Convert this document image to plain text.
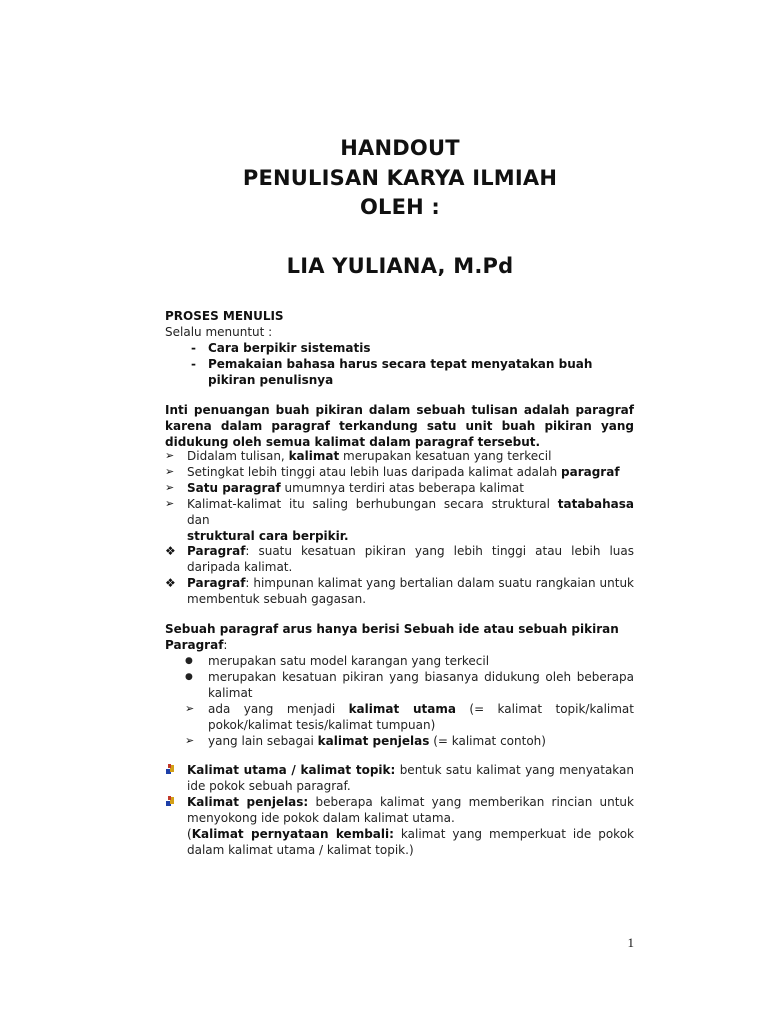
HANDOUT
PENULISAN KARYA ILMIAH
OLEH :
LIA YULIANA, M.Pd
PROSES MENULIS
Selalu menuntut :
-	Cara berpikir sistematis
-	Pemakaian bahasa harus secara tepat menyatakan buah pikiran penulisnya
Inti penuangan buah pikiran dalam sebuah tulisan adalah paragraf
karena dalam paragraf terkandung satu unit buah pikiran yang
didukung oleh semua kalimat dalam paragraf tersebut.
➢	Didalam tulisan, kalimat merupakan kesatuan yang terkecil
➢	Setingkat lebih tinggi atau lebih luas daripada kalimat adalah paragraf
➢	Satu paragraf umumnya terdiri atas beberapa kalimat
➢	Kalimat-kalimat itu saling berhubungan secara struktural tatabahasa dan
struktural cara berpikir.
❖ Paragraf: suatu kesatuan pikiran yang lebih tinggi atau lebih luas daripada kalimat.
❖ Paragraf: himpunan kalimat yang bertalian dalam suatu rangkaian untuk membentuk sebuah gagasan.
Sebuah paragraf arus hanya berisi Sebuah ide atau sebuah pikiran
Paragraf:
●	merupakan satu model karangan yang terkecil
●	merupakan kesatuan pikiran yang biasanya didukung oleh beberapa kalimat
➢	ada yang menjadi kalimat utama (= kalimat topik/kalimat pokok/kalimat tesis/kalimat tumpuan)
➢	yang lain sebagai kalimat penjelas (= kalimat contoh)
Kalimat utama / kalimat topik: bentuk satu kalimat yang menyatakan ide pokok sebuah paragraf.
Kalimat penjelas: beberapa kalimat yang memberikan rincian untuk menyokong ide pokok dalam kalimat utama.
(Kalimat pernyataan kembali: kalimat yang memperkuat ide pokok dalam kalimat utama / kalimat topik.)
1
